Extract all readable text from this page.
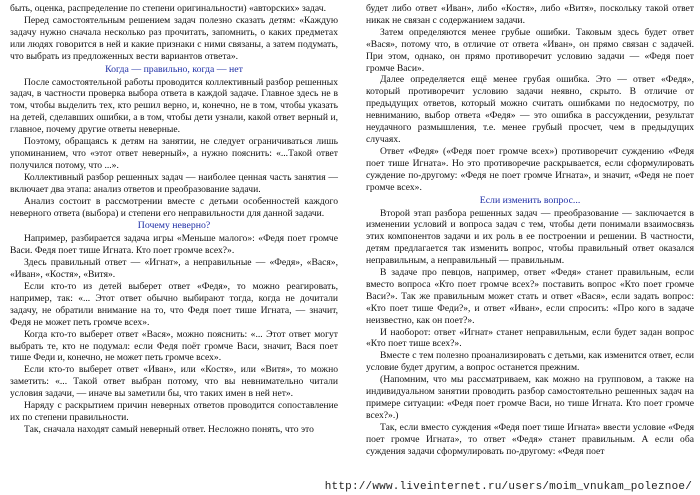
быть, оценка, распределение по степени оригинальности) «авторских» задач.

Перед самостоятельным решением задач полезно сказать детям: «Каждую задачу нужно сначала несколько раз прочитать, запомнить, о каких предметах или людях говорится в ней и какие признаки с ними связаны, а затем подумать, что выбрать из предложенных вести вариантов ответа».

Когда — правильно, когда — нет

После самостоятельной работы проводится коллективный разбор решенных задач, в частности проверка выбора ответа в каждой задаче. Главное здесь не в том, чтобы выделить тех, кто решил верно, и, конечно, не в том, чтобы указать на детей, сделавших ошибки, а в том, чтобы дети узнали, какой ответ верный и, главное, почему другие ответы неверные.

Поэтому, обращаясь к детям на занятии, не следует ограничиваться лишь упоминанием, что «этот ответ неверный», а нужно пояснить: «...Такой ответ получился потому, что ...».

Коллективный разбор решенных задач — наиболее ценная часть занятия — включает два этапа: анализ ответов и преобразование задачи.

Анализ состоит в рассмотрении вместе с детьми особенностей каждого неверного ответа (выбора) и степени его неправильности для данной задачи.

Почему неверно?

Например, разбирается задача игры «Меньше малого»: «Федя поет громче Васи. Федя поет тише Игната. Кто поет громче всех?».

Здесь правильный ответ — «Игнат», а неправильные — «Федя», «Вася», «Иван», «Костя», «Витя».

Если кто-то из детей выберет ответ «Федя», то можно реагировать, например, так: «... Этот ответ обычно выбирают тогда, когда не дочитали задачу, не обратили внимание на то, что Федя поет тише Игната, — значит, Федя не может петь громче всех».

Когда кто-то выберет ответ «Вася», можно пояснить: «... Этот ответ могут выбрать те, кто не подумал: если Федя поёт громче Васи, значит, Вася поет тише Феди и, конечно, не может петь громче всех».

Если кто-то выберет ответ «Иван», или «Костя», или «Витя», то можно заметить: «... Такой ответ выбран потому, что вы невнимательно читали условия задачи, — иначе вы заметили бы, что таких имен в ней нет».

Наряду с раскрытием причин неверных ответов проводится сопоставление их по степени правильности.

Так, сначала находят самый неверный ответ. Несложно понять, что это

будет либо ответ «Иван», либо «Костя», либо «Витя», поскольку такой ответ никак не связан с содержанием задачи.

Затем определяются менее грубые ошибки. Таковым здесь будет ответ «Вася», потому что, в отличие от ответа «Иван», он прямо связан с задачей. При этом, однако, он прямо противоречит условию задачи — «Федя поет громче Васи».

Далее определяется ещё менее грубая ошибка. Это — ответ «Федя», который противоречит условию задачи неявно, скрыто. В отличие от предыдущих ответов, который можно считать ошибками по недосмотру, по невниманию, выбор ответа «Федя» — это ошибка в рассуждении, результат неудачного размышления, т.е. менее грубый просчет, чем в предыдущих случаях.

Ответ «Федя» («Федя поет громче всех») противоречит суждению «Федя поет тише Игната». Но это противоречие раскрывается, если сформулировать суждение по-другому: «Федя не поет громче Игната», и значит, «Федя не поет громче всех».

Если изменить вопрос...

Второй этап разбора решенных задач — преобразование — заключается в изменении условий и вопроса задач с тем, чтобы дети понимали взаимосвязь этих компонентов задачи и их роль в ее построении и решении. В частности, детям предлагается так изменить вопрос, чтобы правильный ответ оказался неправильным, а неправильный — правильным.

В задаче про певцов, например, ответ «Федя» станет правильным, если вместо вопроса «Кто поет громче всех?» поставить вопрос «Кто поет громче Васи?». Так же правильным может стать и ответ «Вася», если задать вопрос: «Кто поет тише Феди?», и ответ «Иван», если спросить: «Про кого в задаче неизвестно, как он поет?».

И наоборот: ответ «Игнат» станет неправильным, если будет задан вопрос «Кто поет тише всех?».

Вместе с тем полезно проанализировать с детьми, как изменится ответ, если условие будет другим, а вопрос останется прежним.

(Напомним, что мы рассматриваем, как можно на групповом, а также на индивидуальном занятии проводить разбор самостоятельно решенных задач на примере ситуации: «Федя поет громче Васи, но тише Игната. Кто поет громче всех?».)

Так, если вместо суждения «Федя поет тише Игната» ввести условие «Федя поет громче Игната», то ответ «Федя» станет правильным. А если оба суждения задачи сформулировать по-другому: «Федя поет

http://www.liveinternet.ru/users/moim_vnukam_poleznoe/
